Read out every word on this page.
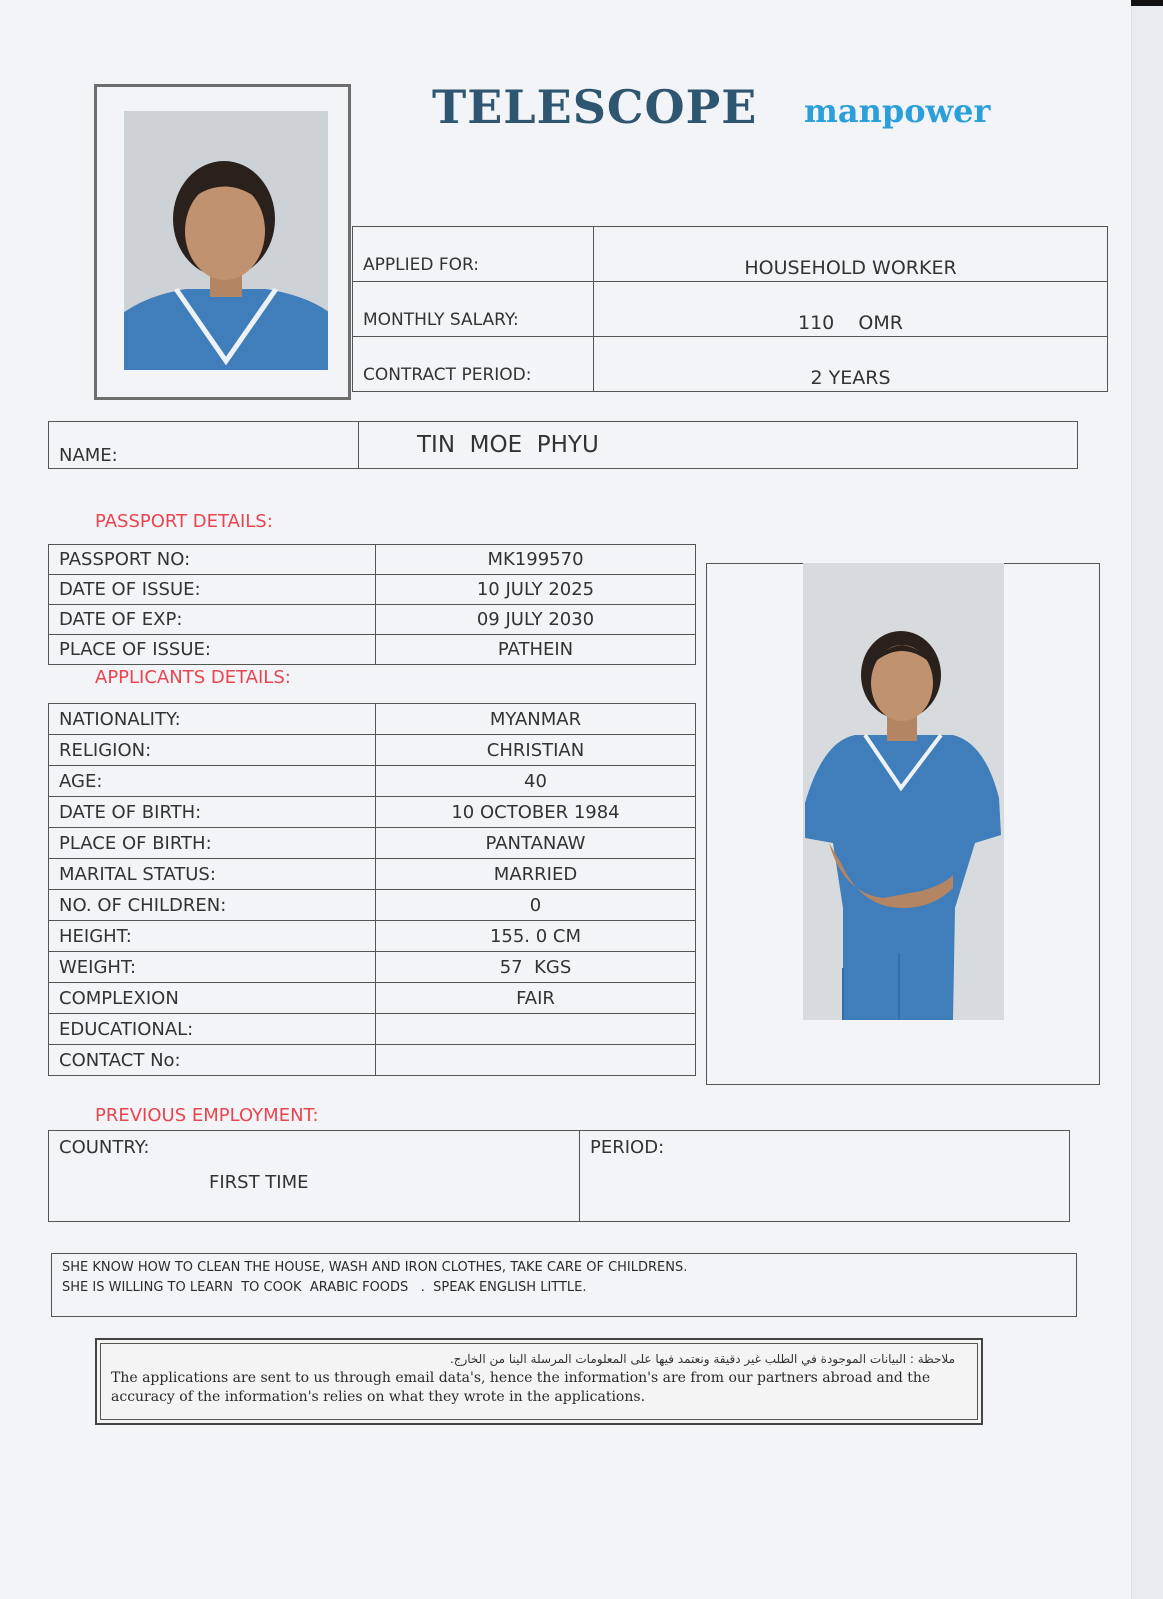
TELESCOPE manpower
APPLIED FOR:	HOUSEHOLD WORKER
MONTHLY SALARY:	110    OMR
CONTRACT PERIOD:	2 YEARS
NAME:	TIN  MOE  PHYU
PASSPORT DETAILS:
PASSPORT NO:	MK199570
DATE OF ISSUE:	10 JULY 2025
DATE OF EXP:	09 JULY 2030
PLACE OF ISSUE:	PATHEIN
APPLICANTS DETAILS:
NATIONALITY:	MYANMAR
RELIGION:	CHRISTIAN
AGE:	40
DATE OF BIRTH:	10 OCTOBER 1984
PLACE OF BIRTH:	PANTANAW
MARITAL STATUS:	MARRIED
NO. OF CHILDREN:	0
HEIGHT:	155. 0 CM
WEIGHT:	57  KGS
COMPLEXION	FAIR
EDUCATIONAL:	
CONTACT No:	
PREVIOUS EMPLOYMENT:
COUNTRY:
FIRST TIME
	PERIOD:
SHE KNOW HOW TO CLEAN THE HOUSE, WASH AND IRON CLOTHES, TAKE CARE OF CHILDRENS.
SHE IS WILLING TO LEARN  TO COOK  ARABIC FOODS   .  SPEAK ENGLISH LITTLE.
ملاحظة : البيانات الموجودة في الطلب غير دقيقة ونعتمد فيها على المعلومات المرسلة الينا من الخارج.
The applications are sent to us through email data's, hence the information's are from our partners abroad and the accuracy of the information's relies on what they wrote in the applications.
